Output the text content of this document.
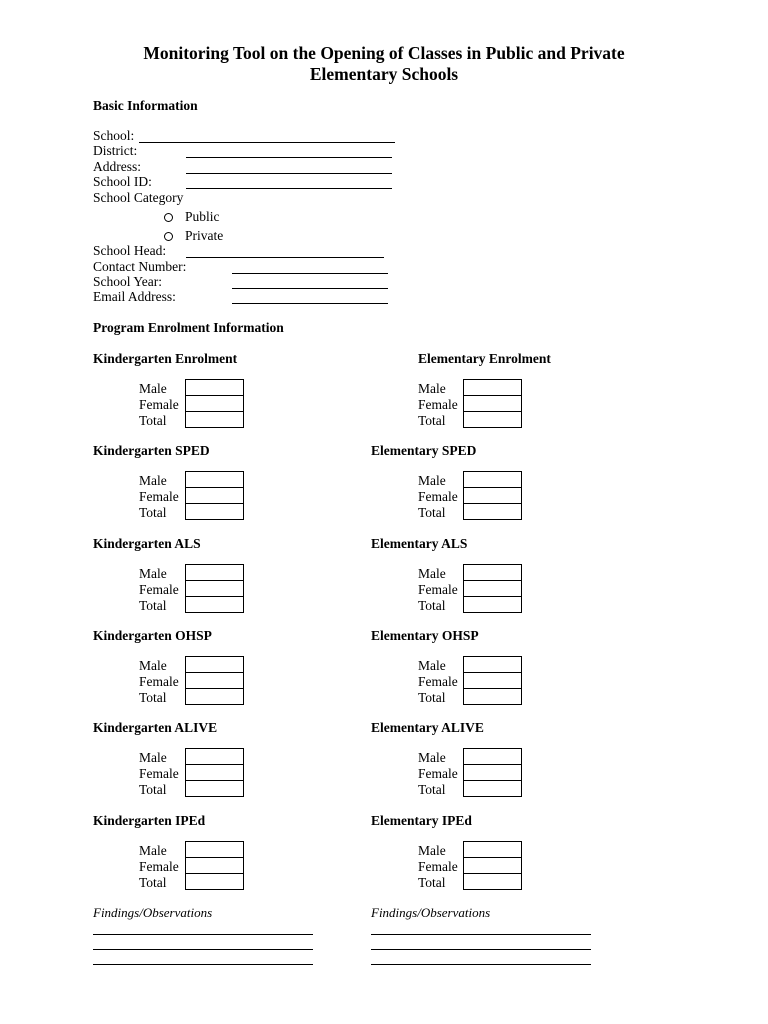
Monitoring Tool on the Opening of Classes in Public and Private
Elementary Schools
Basic Information
School:
District:
Address:
School ID:
School Category
Public
Private
School Head:
Contact Number:
School Year:
Email Address:
Program Enrolment Information
Kindergarten Enrolment
Male
Female
Total
Kindergarten SPED
Male
Female
Total
Kindergarten ALS
Male
Female
Total
Kindergarten OHSP
Male
Female
Total
Kindergarten ALIVE
Male
Female
Total
Kindergarten IPEd
Male
Female
Total
Elementary Enrolment
Male
Female
Total
Elementary SPED
Male
Female
Total
Elementary ALS
Male
Female
Total
Elementary OHSP
Male
Female
Total
Elementary ALIVE
Male
Female
Total
Elementary IPEd
Male
Female
Total
Findings/Observations	Findings/Observations
